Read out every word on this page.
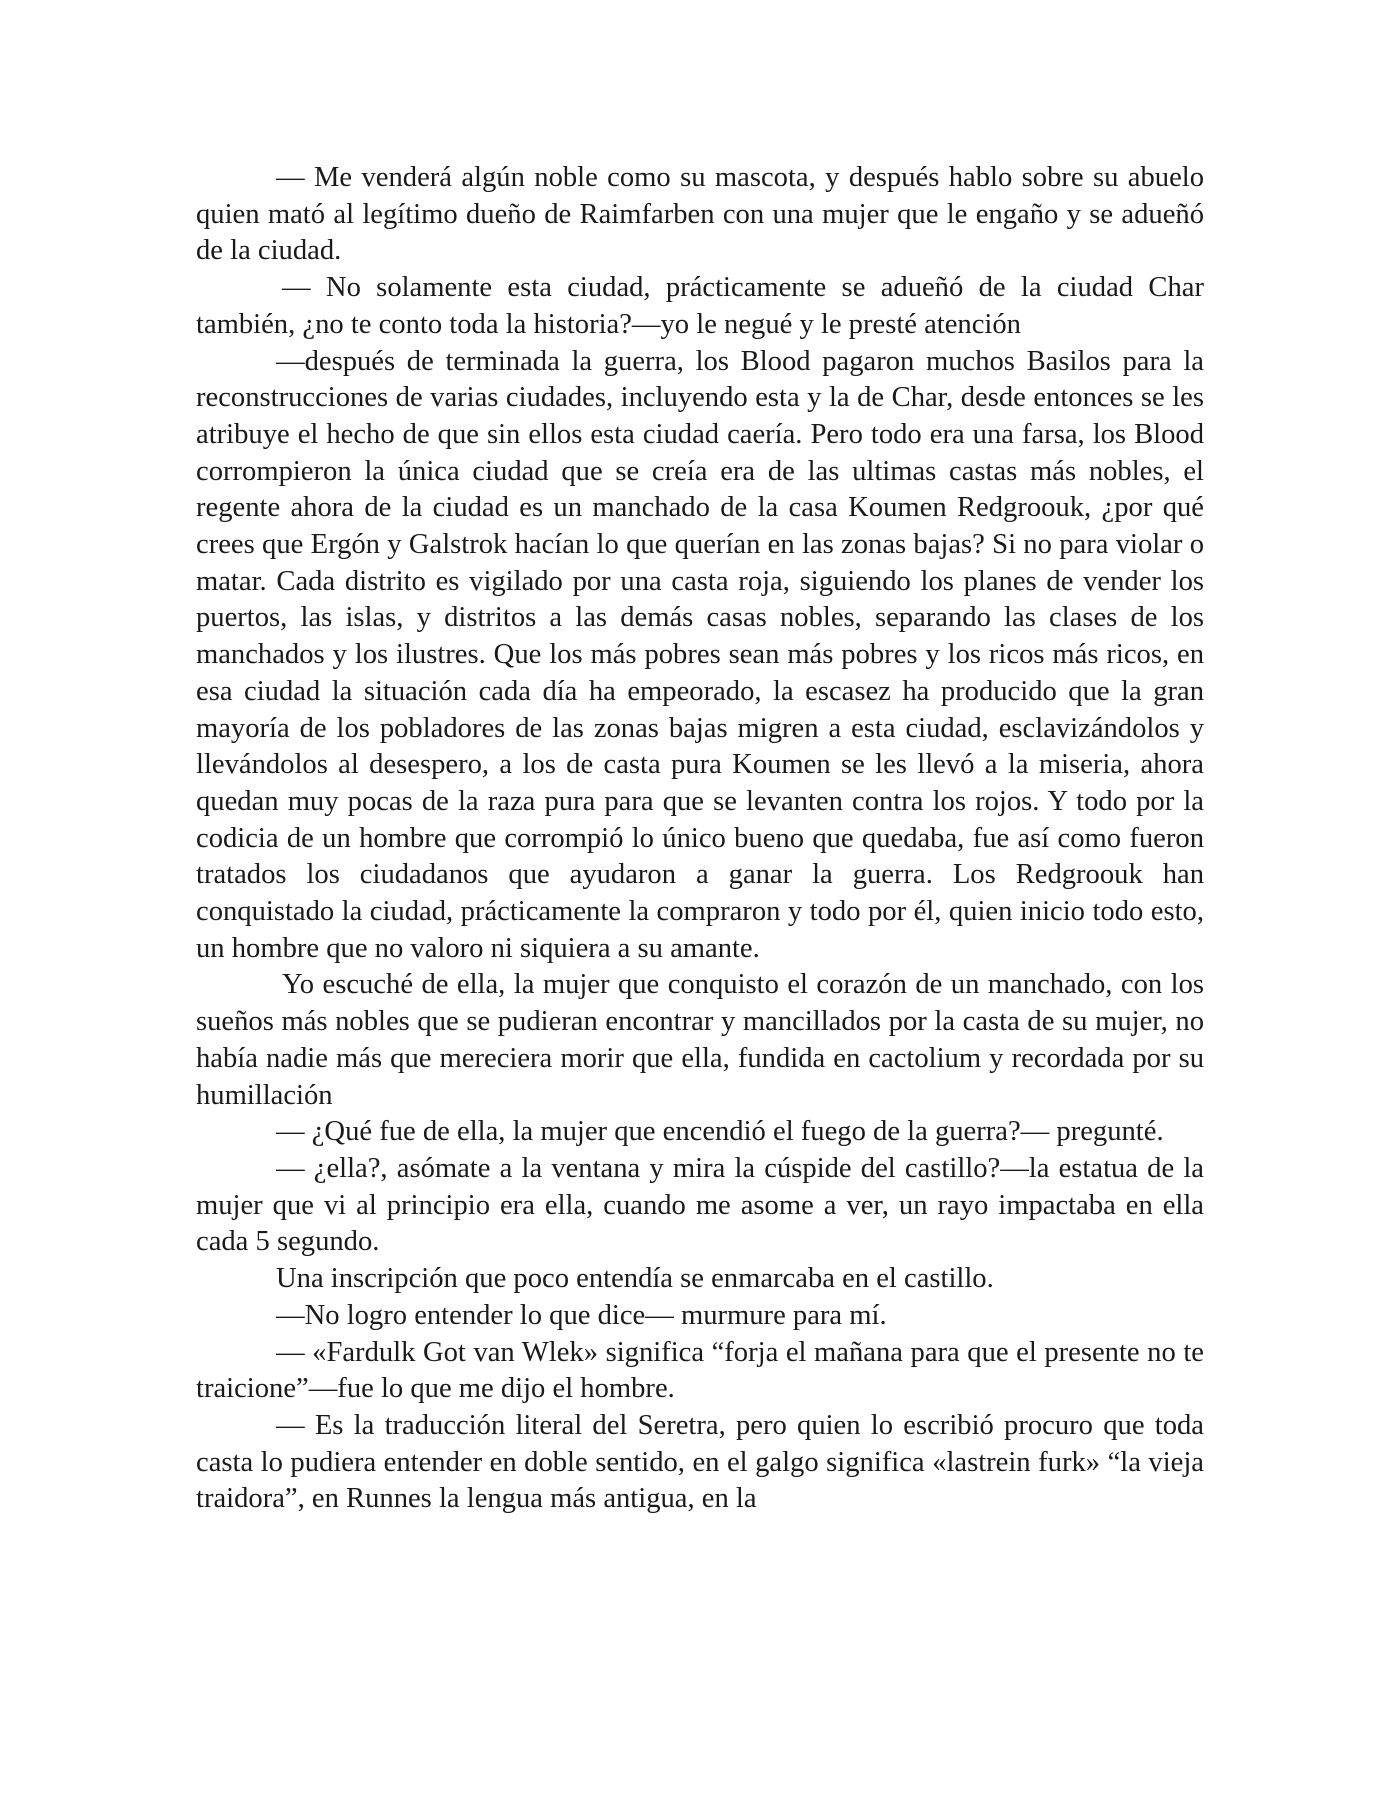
— Me venderá algún noble como su mascota, y después hablo sobre su abuelo quien mató al legítimo dueño de Raimfarben con una mujer que le engaño y se adueñó de la ciudad.

— No solamente esta ciudad, prácticamente se adueñó de la ciudad Char también, ¿no te conto toda la historia?—yo le negué y le presté atención

—después de terminada la guerra, los Blood pagaron muchos Basilos para la reconstrucciones de varias ciudades, incluyendo esta y la de Char, desde entonces se les atribuye el hecho de que sin ellos esta ciudad caería. Pero todo era una farsa, los Blood corrompieron la única ciudad que se creía era de las ultimas castas más nobles, el regente ahora de la ciudad es un manchado de la casa Koumen Redgroouk, ¿por qué crees que Ergón y Galstrok hacían lo que querían en las zonas bajas? Si no para violar o matar. Cada distrito es vigilado por una casta roja, siguiendo los planes de vender los puertos, las islas, y distritos a las demás casas nobles, separando las clases de los manchados y los ilustres. Que los más pobres sean más pobres y los ricos más ricos, en esa ciudad la situación cada día ha empeorado, la escasez ha producido que la gran mayoría de los pobladores de las zonas bajas migren a esta ciudad, esclavizándolos y llevándolos al desespero, a los de casta pura Koumen se les llevó a la miseria, ahora quedan muy pocas de la raza pura para que se levanten contra los rojos. Y todo por la codicia de un hombre que corrompió lo único bueno que quedaba, fue así como fueron tratados los ciudadanos que ayudaron a ganar la guerra. Los Redgroouk han conquistado la ciudad, prácticamente la compraron y todo por él, quien inicio todo esto, un hombre que no valoro ni siquiera a su amante.

Yo escuché de ella, la mujer que conquisto el corazón de un manchado, con los sueños más nobles que se pudieran encontrar y mancillados por la casta de su mujer, no había nadie más que mereciera morir que ella, fundida en cactolium y recordada por su humillación

— ¿Qué fue de ella, la mujer que encendió el fuego de la guerra?— pregunté.

— ¿ella?, asómate a la ventana y mira la cúspide del castillo?—la estatua de la mujer que vi al principio era ella, cuando me asome a ver, un rayo impactaba en ella cada 5 segundo.

Una inscripción que poco entendía se enmarcaba en el castillo.

—No logro entender lo que dice— murmure para mí.

— «Fardulk Got van Wlek» significa “forja el mañana para que el presente no te traicione”—fue lo que me dijo el hombre.

— Es la traducción literal del Seretra, pero quien lo escribió procuro que toda casta lo pudiera entender en doble sentido, en el galgo significa «lastrein furk» “la vieja traidora”, en Runnes la lengua más antigua, en la
